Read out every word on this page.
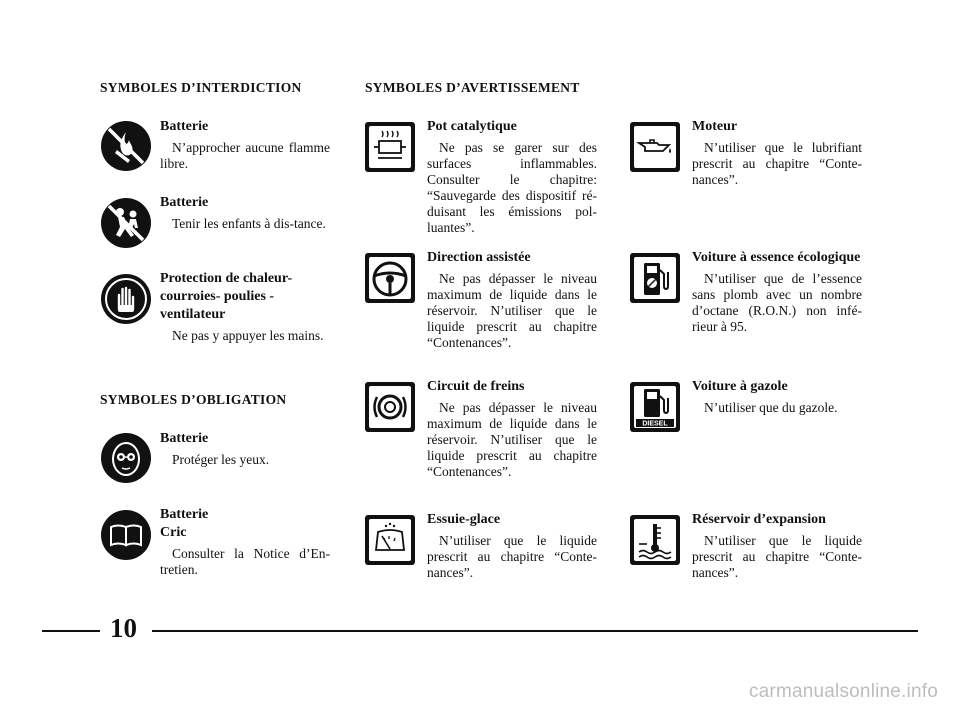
SYMBOLES D’INTERDICTION	SYMBOLES D’AVERTISSEMENT
SYMBOLES D’OBLIGATION

Batterie

N’approcher aucune flamme libre.

Batterie

Tenir les enfants à dis-tance.

Protection de chaleur-courroies- poulies - ventilateur

Ne pas y appuyer les mains.

Batterie

Protéger les yeux.

Batterie

Cric

Consulter la Notice d’En-tretien.

Pot catalytique

Ne pas se garer sur des surfaces inflammables. Consulter le chapitre: “Sauvegarde des dispositif ré-duisant les émissions pol-luantes”.

Direction assistée

Ne pas dépasser le niveau maximum de liquide dans le réservoir. N’utiliser que le liquide prescrit au chapitre “Contenances”.

Circuit de freins

Ne pas dépasser le niveau maximum de liquide dans le réservoir. N’utiliser que le liquide prescrit au chapitre “Contenances”.

Essuie-glace

N’utiliser que le liquide prescrit au chapitre “Conte-nances”.

Moteur

N’utiliser que le lubrifiant prescrit au chapitre “Conte-nances”.

Voiture à essence écologique

N’utiliser que de l’essence sans plomb avec un nombre d’octane (R.O.N.) non infé-rieur à 95.

DIESEL

Voiture à gazole

N’utiliser que du gazole.

Réservoir d’expansion

N’utiliser que le liquide prescrit au chapitre “Conte-nances”.

10
carmanualsonline.info
